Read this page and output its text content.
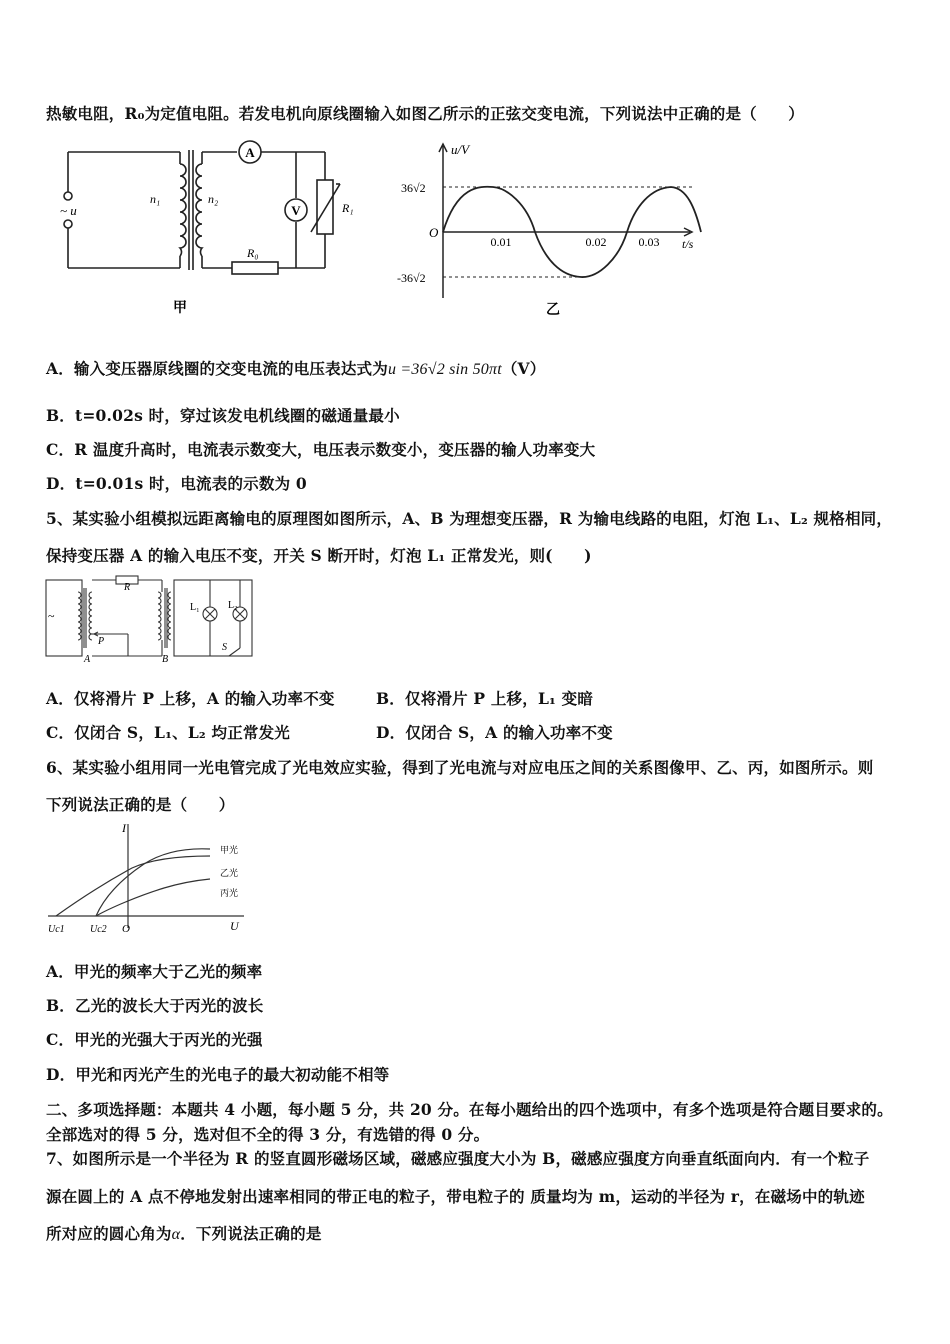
热敏电阻，R₀为定值电阻。若发电机向原线圈输入如图乙所示的正弦交变电流，下列说法中正确的是（　　）
A
V
~ u
n₁	n₂
R₁
R₀
甲
u/V
t/s
O
36√2
-36√2
0.01	0.02	0.03
乙
A．输入变压器原线圈的交变电流的电压表达式为u =36√2 sin 50πt（V）
B．t=0.02s 时，穿过该发电机线圈的磁通量最小
C．R 温度升高时，电流表示数变大，电压表示数变小，变压器的输人功率变大
D．t=0.01s 时，电流表的示数为 0
5、某实验小组模拟远距离输电的原理图如图所示，A、B 为理想变压器，R 为输电线路的电阻，灯泡 L₁、L₂ 规格相同，
保持变压器 A 的输入电压不变，开关 S 断开时，灯泡 L₁ 正常发光，则(　　)
~
R
P
A	B
L₁	L₂
S
A．仅将滑片 P 上移，A 的输入功率不变	B．仅将滑片 P 上移，L₁ 变暗
C．仅闭合 S，L₁、L₂ 均正常发光	D．仅闭合 S，A 的输入功率不变
6、某实验小组用同一光电管完成了光电效应实验，得到了光电流与对应电压之间的关系图像甲、乙、丙，如图所示。则
下列说法正确的是（　　）
I
U
O
Uc1	Uc2
甲光
乙光
丙光
A．甲光的频率大于乙光的频率
B．乙光的波长大于丙光的波长
C．甲光的光强大于丙光的光强
D．甲光和丙光产生的光电子的最大初动能不相等
二、多项选择题：本题共 4 小题，每小题 5 分，共 20 分。在每小题给出的四个选项中，有多个选项是符合题目要求的。
全部选对的得 5 分，选对但不全的得 3 分，有选错的得 0 分。
7、如图所示是一个半径为 R 的竖直圆形磁场区域，磁感应强度大小为 B，磁感应强度方向垂直纸面向内．有一个粒子
源在圆上的 A 点不停地发射出速率相同的带正电的粒子，带电粒子的 质量均为 m，运动的半径为 r，在磁场中的轨迹
所对应的圆心角为α．下列说法正确的是
